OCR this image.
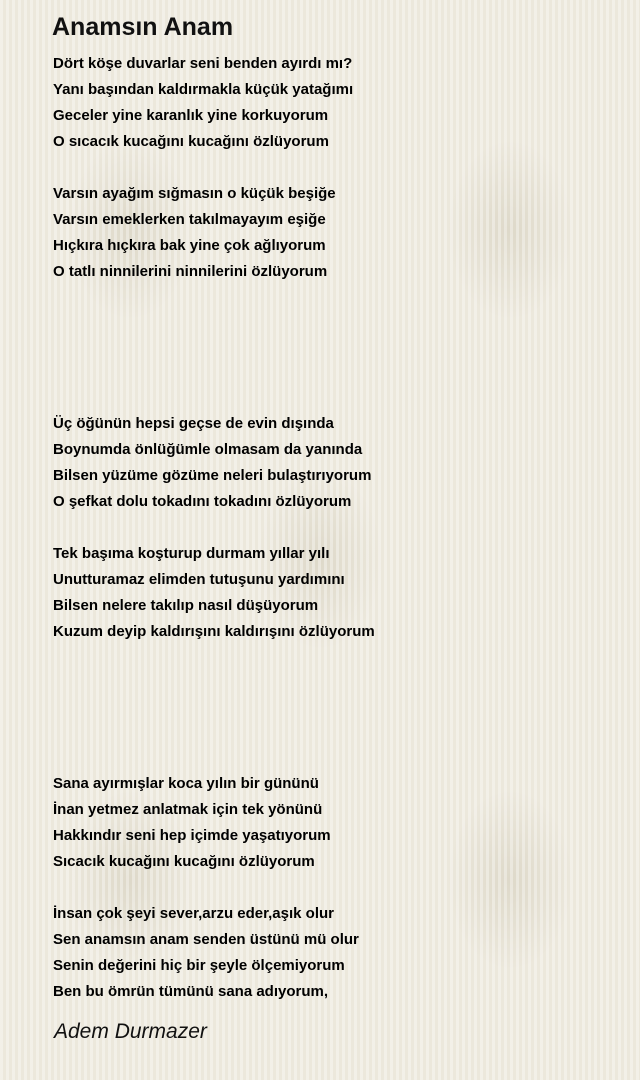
Anamsın Anam
Dört köşe duvarlar seni benden ayırdı mı?
Yanı başından kaldırmakla küçük yatağımı
Geceler yine karanlık yine korkuyorum
O sıcacık kucağını kucağını özlüyorum
Varsın ayağım sığmasın o küçük beşiğe
Varsın emeklerken takılmayayım eşiğe
Hıçkıra hıçkıra bak yine çok ağlıyorum
O tatlı ninnilerini ninnilerini özlüyorum
Üç öğünün hepsi geçse de evin dışında
Boynumda önlüğümle olmasam da yanında
Bilsen yüzüme gözüme neleri bulaştırıyorum
O şefkat dolu tokadını tokadını özlüyorum
Tek başıma koşturup durmam yıllar yılı
Unutturamaz elimden tutuşunu yardımını
Bilsen nelere takılıp nasıl düşüyorum
Kuzum deyip kaldırışını kaldırışını özlüyorum
Sana ayırmışlar koca yılın bir gününü
İnan yetmez anlatmak için tek yönünü
Hakkındır seni hep içimde yaşatıyorum
Sıcacık kucağını kucağını özlüyorum
İnsan çok şeyi sever,arzu eder,aşık olur
Sen anamsın anam senden üstünü mü olur
Senin değerini hiç bir şeyle ölçemiyorum
Ben bu ömrün tümünü sana adıyorum,
Adem Durmazer
